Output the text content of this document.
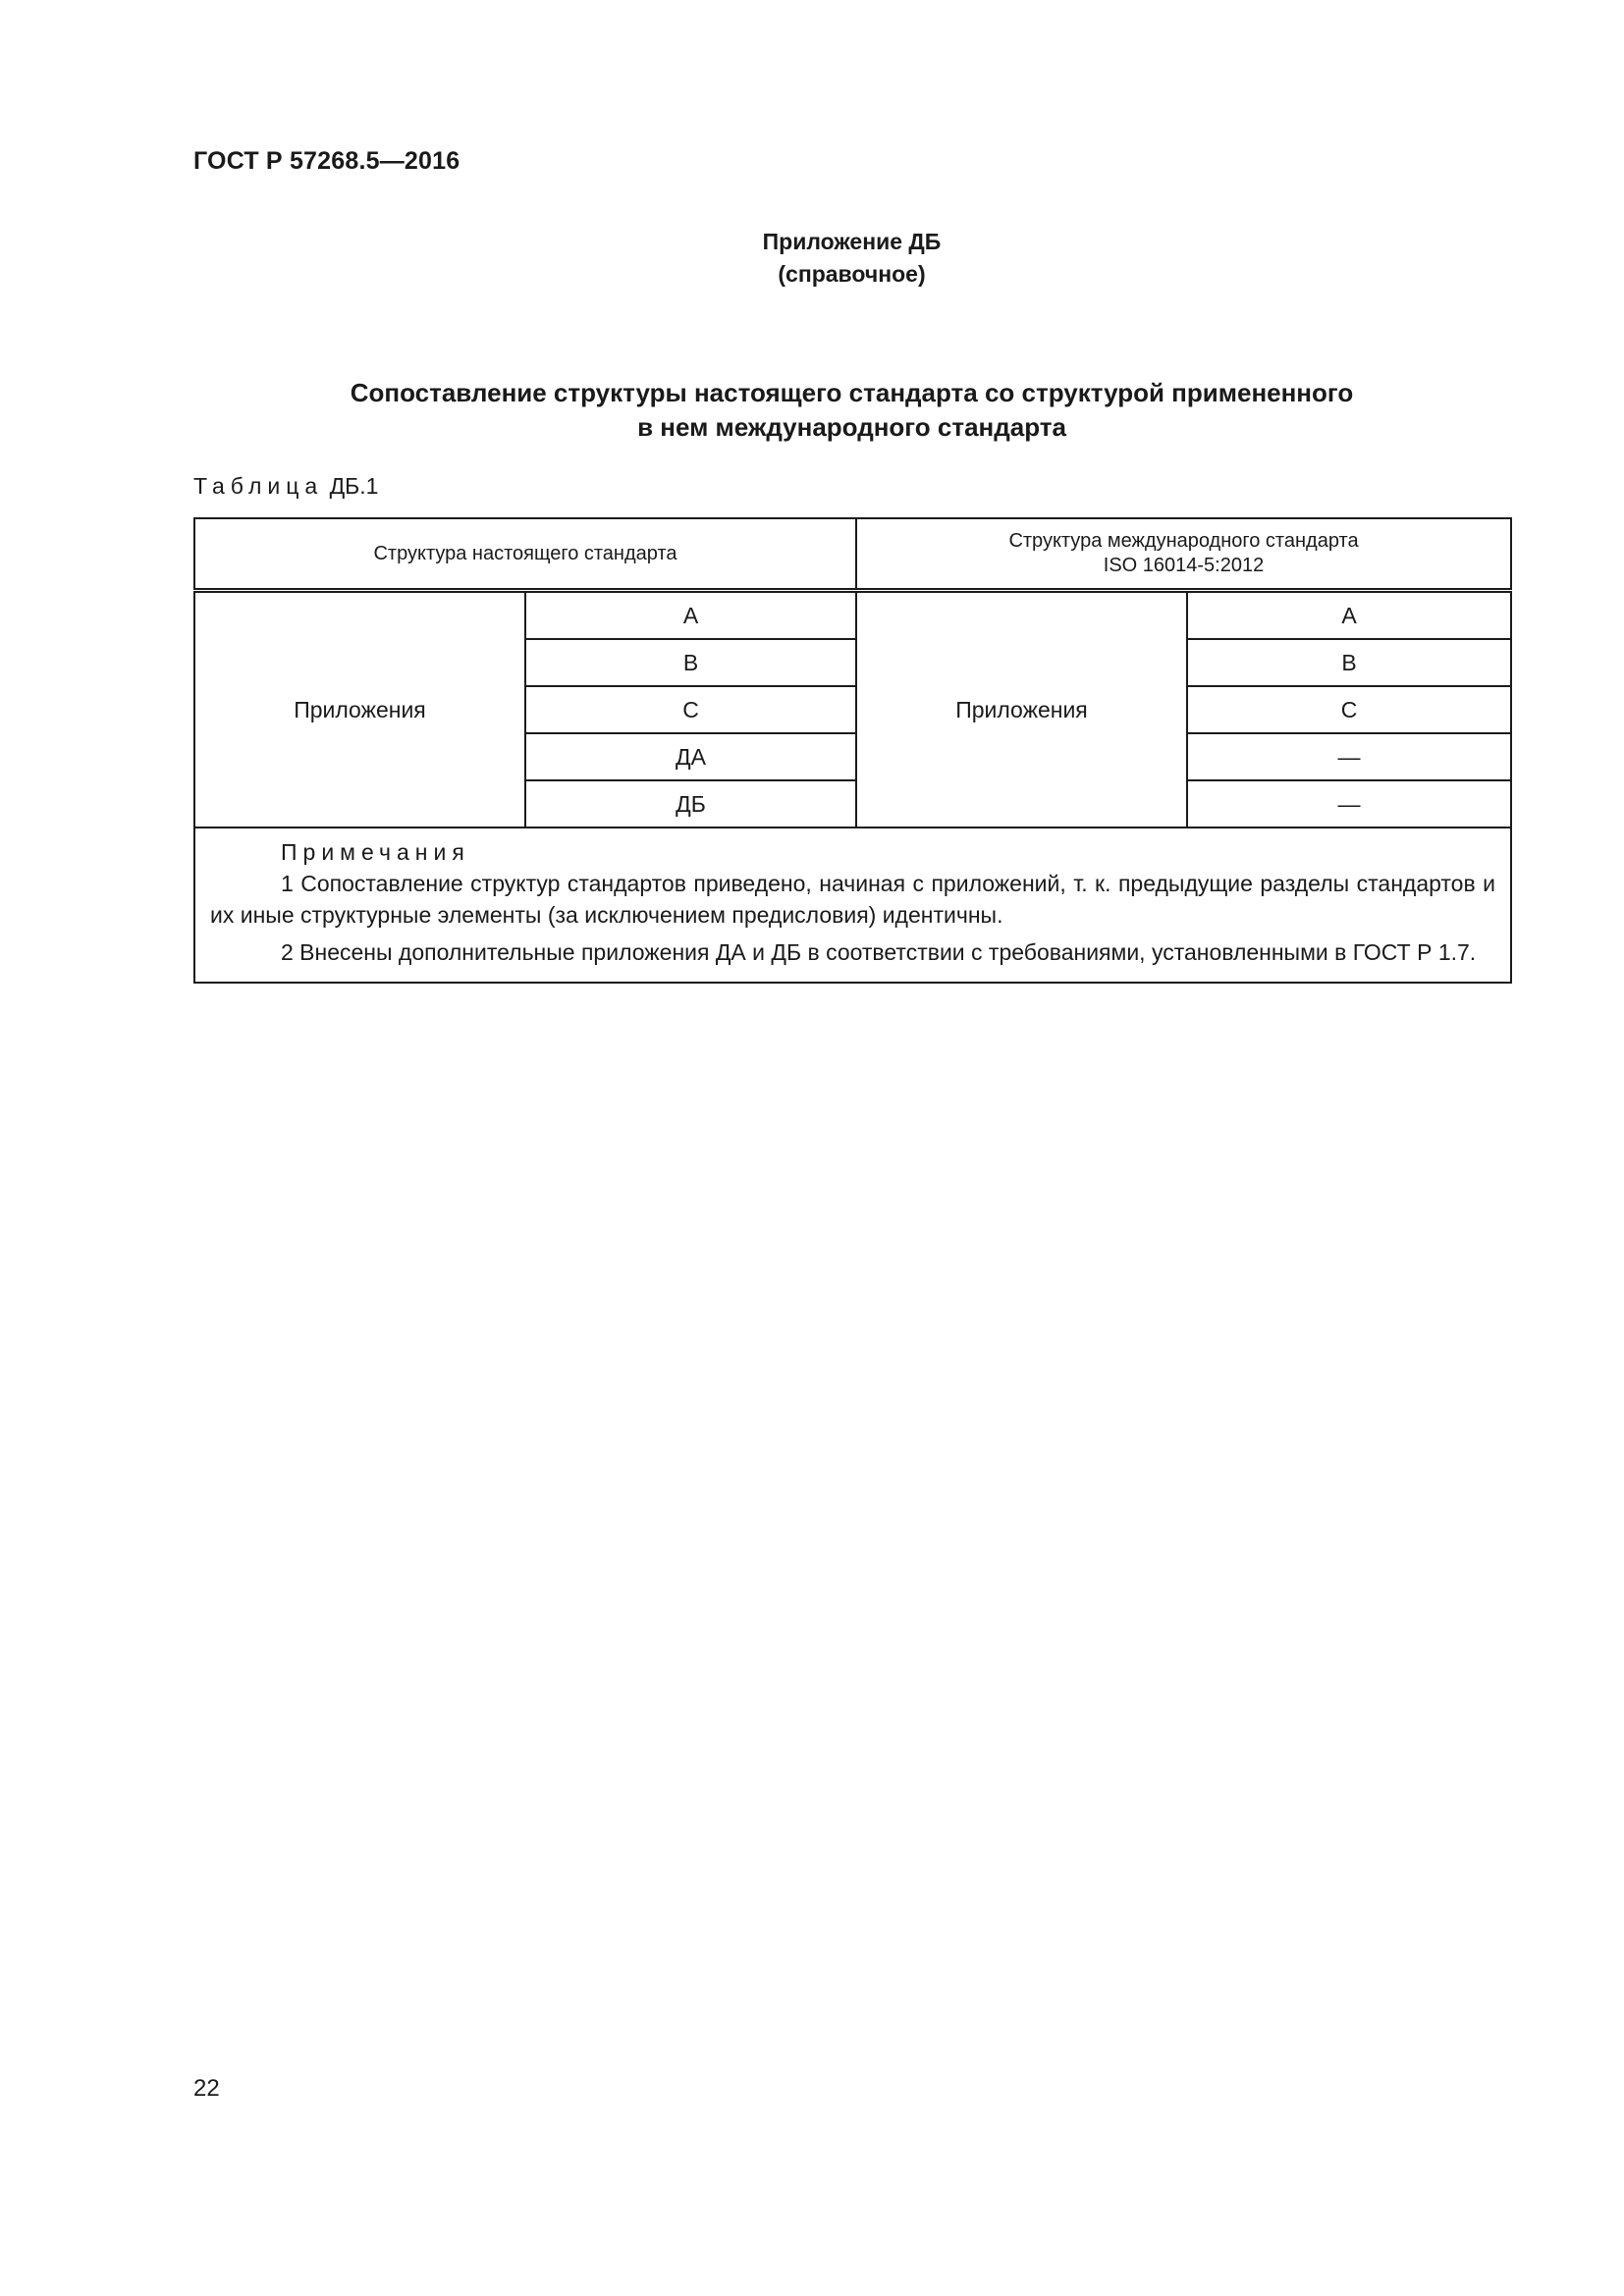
ГОСТ Р 57268.5—2016
Приложение ДБ
(справочное)
Сопоставление структуры настоящего стандарта со структурой примененного
в нем международного стандарта
Таблица ДБ.1
Структура настоящего стандарта		Структура международного стандарта
ISO 16014-5:2012	

Приложения	A	Приложения	A
	B		B
	C		C
	ДА		—
	ДБ		—

Примечания

1 Сопоставление структур стандартов приведено, начиная с приложений, т. к. предыдущие разделы стандартов и их иные структурные элементы (за исключением предисловия) идентичны.

2 Внесены дополнительные приложения ДА и ДБ в соответствии с требованиями, установленными в ГОСТ Р 1.7.			

22
